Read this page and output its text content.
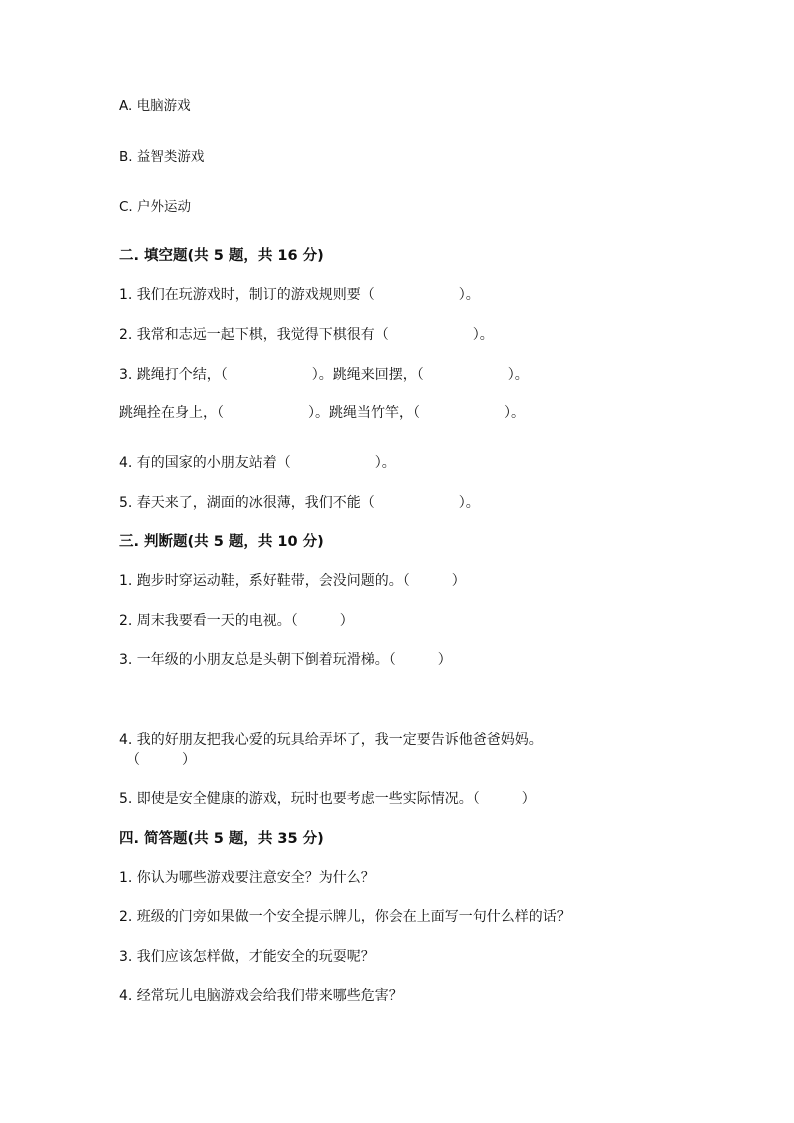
A. 电脑游戏
B. 益智类游戏
C. 户外运动
二. 填空题(共 5 题，共 16 分)
1. 我们在玩游戏时，制订的游戏规则要（　　　　　　）。
2. 我常和志远一起下棋，我觉得下棋很有（　　　　　　）。
3. 跳绳打个结，（　　　　　　）。跳绳来回摆，（　　　　　　）。
跳绳拴在身上，（　　　　　　）。跳绳当竹竿，（　　　　　　）。
4. 有的国家的小朋友站着（　　　　　　）。
5. 春天来了，湖面的冰很薄，我们不能（　　　　　　）。
三. 判断题(共 5 题，共 10 分)
1. 跑步时穿运动鞋，系好鞋带，会没问题的。（　　　）
2. 周末我要看一天的电视。（　　　）
3. 一年级的小朋友总是头朝下倒着玩滑梯。（　　　）
4. 我的好朋友把我心爱的玩具给弄坏了，我一定要告诉他爸爸妈妈。
（　　　）
5. 即使是安全健康的游戏，玩时也要考虑一些实际情况。（　　　）
四. 简答题(共 5 题，共 35 分)
1. 你认为哪些游戏要注意安全？为什么？
2. 班级的门旁如果做一个安全提示牌儿，你会在上面写一句什么样的话？
3. 我们应该怎样做，才能安全的玩耍呢？
4. 经常玩儿电脑游戏会给我们带来哪些危害？
